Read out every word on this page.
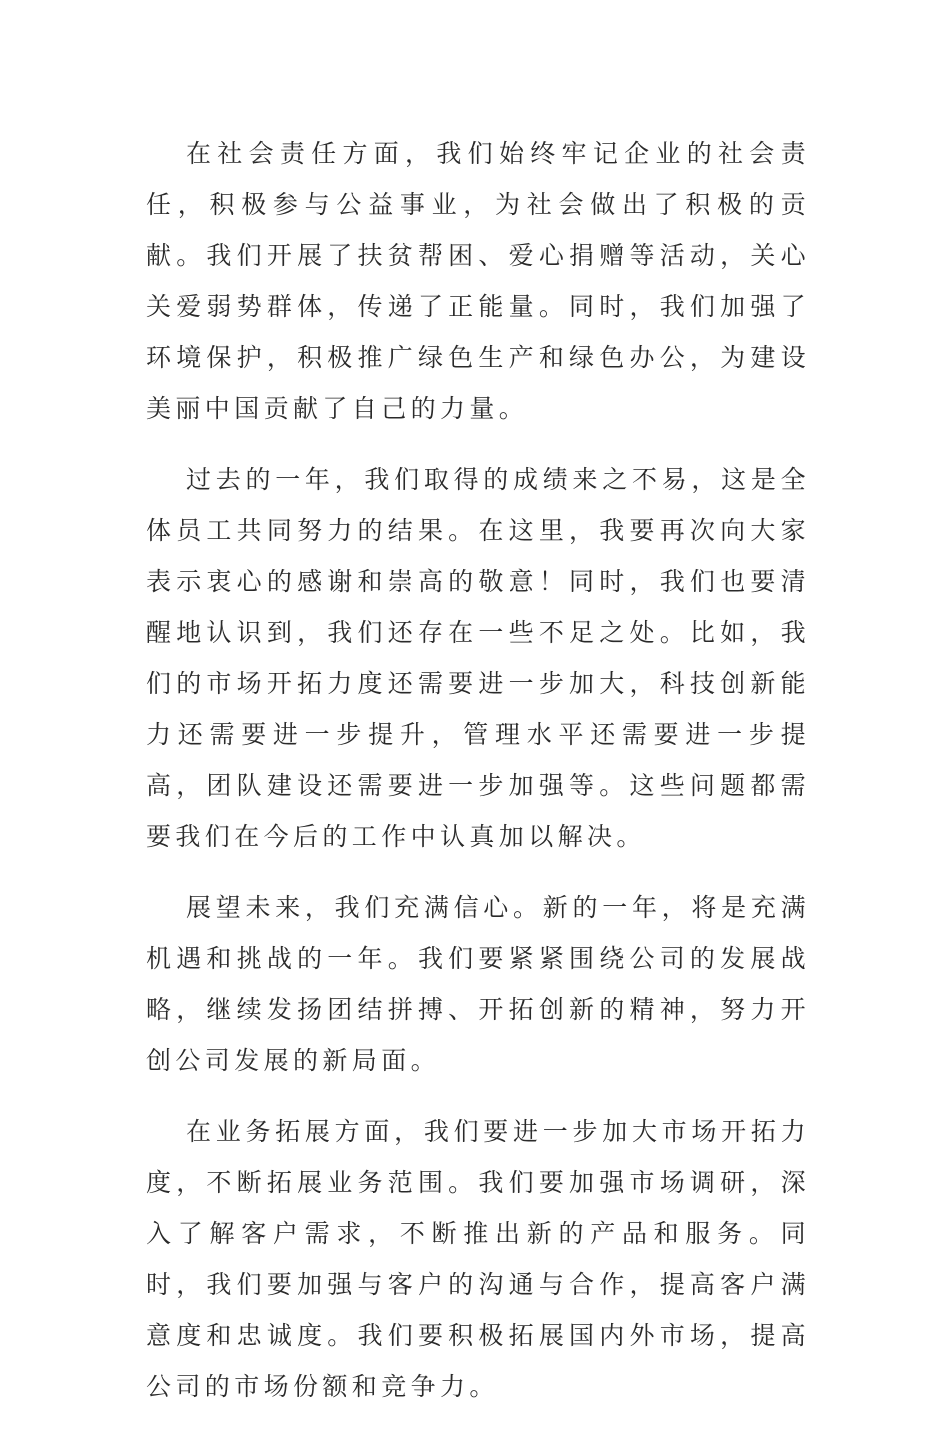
在社会责任方面，我们始终牢记企业的社会责任，积极参与公益事业，为社会做出了积极的贡献。我们开展了扶贫帮困、爱心捐赠等活动，关心关爱弱势群体，传递了正能量。同时，我们加强了环境保护，积极推广绿色生产和绿色办公，为建设美丽中国贡献了自己的力量。

过去的一年，我们取得的成绩来之不易，这是全体员工共同努力的结果。在这里，我要再次向大家表示衷心的感谢和崇高的敬意！同时，我们也要清醒地认识到，我们还存在一些不足之处。比如，我们的市场开拓力度还需要进一步加大，科技创新能力还需要进一步提升，管理水平还需要进一步提高，团队建设还需要进一步加强等。这些问题都需要我们在今后的工作中认真加以解决。

展望未来，我们充满信心。新的一年，将是充满机遇和挑战的一年。我们要紧紧围绕公司的发展战略，继续发扬团结拼搏、开拓创新的精神，努力开创公司发展的新局面。

在业务拓展方面，我们要进一步加大市场开拓力度，不断拓展业务范围。我们要加强市场调研，深入了解客户需求，不断推出新的产品和服务。同时，我们要加强与客户的沟通与合作，提高客户满意度和忠诚度。我们要积极拓展国内外市场，提高公司的市场份额和竞争力。
